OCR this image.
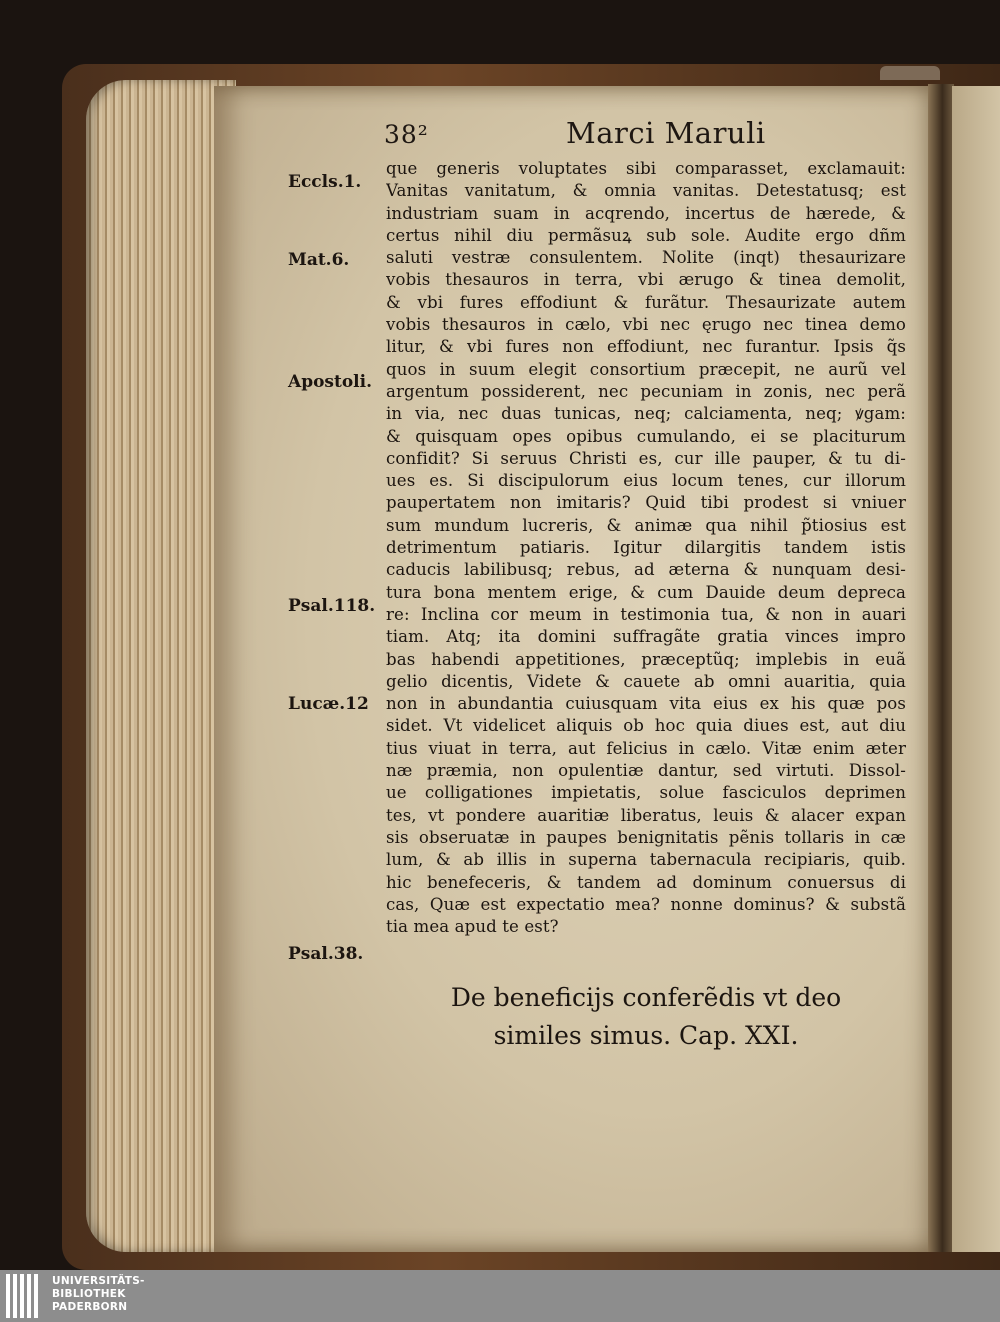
38²	Marci Maruli
que generis voluptates sibi comparasset, exclamauit:
Vanitas vanitatum, & omnia vanitas. Detestatusq; est
industriam suam in acqrendo, incertus de hærede, &
certus nihil diu permãsuꝝ sub sole. Audite ergo dñm
saluti vestræ consulentem. Nolite (inqt) thesaurizare
vobis thesauros in terra, vbi ærugo & tinea demolit,
& vbi fures effodiunt & furãtur. Thesaurizate autem
vobis thesauros in cælo, vbi nec ęrugo nec tinea demo
litur, & vbi fures non effodiunt, nec furantur. Ipsis q̃s
quos in suum elegit consortium præcepit, ne aurũ vel
argentum possiderent, nec pecuniam in zonis, nec perã
in via, nec duas tunicas, neq; calciamenta, neq; ꝟgam:
& quisquam opes opibus cumulando, ei se placiturum
confidit? Si seruus Christi es, cur ille pauper, & tu di-
ues es. Si discipulorum eius locum tenes, cur illorum
paupertatem non imitaris? Quid tibi prodest si vniuer
sum mundum lucreris, & animæ qua nihil p̃tiosius est
detrimentum patiaris. Igitur dilargitis tandem istis
caducis labilibusq; rebus, ad æterna & nunquam desi-
tura bona mentem erige, & cum Dauide deum depreca
re: Inclina cor meum in testimonia tua, & non in auari
tiam. Atq; ita domini suffragãte gratia vinces impro
bas habendi appetitiones, præceptũq; implebis in euã
gelio dicentis, Videte & cauete ab omni auaritia, quia
non in abundantia cuiusquam vita eius ex his quæ pos
sidet. Vt videlicet aliquis ob hoc quia diues est, aut diu
tius viuat in terra, aut felicius in cælo. Vitæ enim æter
næ præmia, non opulentiæ dantur, sed virtuti. Dissol-
ue colligationes impietatis, solue fasciculos deprimen
tes, vt pondere auaritiæ liberatus, leuis & alacer expan
sis obseruatæ in paupes benignitatis pẽnis tollaris in cæ
lum, & ab illis in superna tabernacula recipiaris, quib.
hic benefeceris, & tandem ad dominum conuersus di
cas, Quæ est expectatio mea? nonne dominus? & substã
tia mea apud te est?
Eccls.1.
Mat.6.
Apostoli.
Psal.118.
Lucæ.12
Psal.38.
De beneficijs conferẽdis vt deo
similes simus. Cap. XXI.
UNIVERSITÄTS-
BIBLIOTHEK
PADERBORN
